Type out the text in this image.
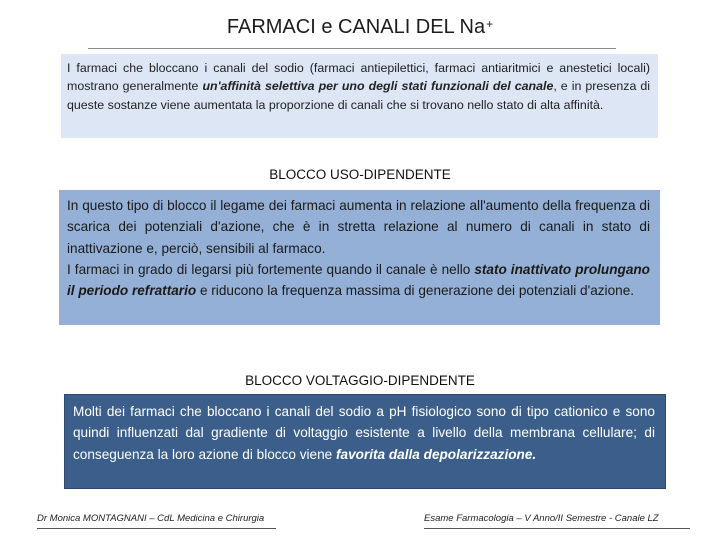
FARMACI e CANALI DEL Na+
I farmaci che bloccano i canali del sodio (farmaci antiepilettici, farmaci antiaritmici e anestetici locali) mostrano generalmente un'affinità selettiva per uno degli stati funzionali del canale, e in presenza di queste sostanze viene aumentata la proporzione di canali che si trovano nello stato di alta affinità.
BLOCCO USO-DIPENDENTE
In questo tipo di blocco il legame dei farmaci aumenta in relazione all'aumento della frequenza di scarica dei potenziali d'azione, che è in stretta relazione al numero di canali in stato di inattivazione e, perciò, sensibili al farmaco.
I farmaci in grado di legarsi più fortemente quando il canale è nello stato inattivato prolungano il periodo refrattario e riducono la frequenza massima di generazione dei potenziali d'azione.
BLOCCO VOLTAGGIO-DIPENDENTE
Molti dei farmaci che bloccano i canali del sodio a pH fisiologico sono di tipo cationico e sono quindi influenzati dal gradiente di voltaggio esistente a livello della membrana cellulare; di conseguenza la loro azione di blocco viene favorita dalla depolarizzazione.
Dr Monica MONTAGNANI – CdL Medicina e Chirurgia	Esame Farmacologia – V Anno/II Semestre - Canale LZ
